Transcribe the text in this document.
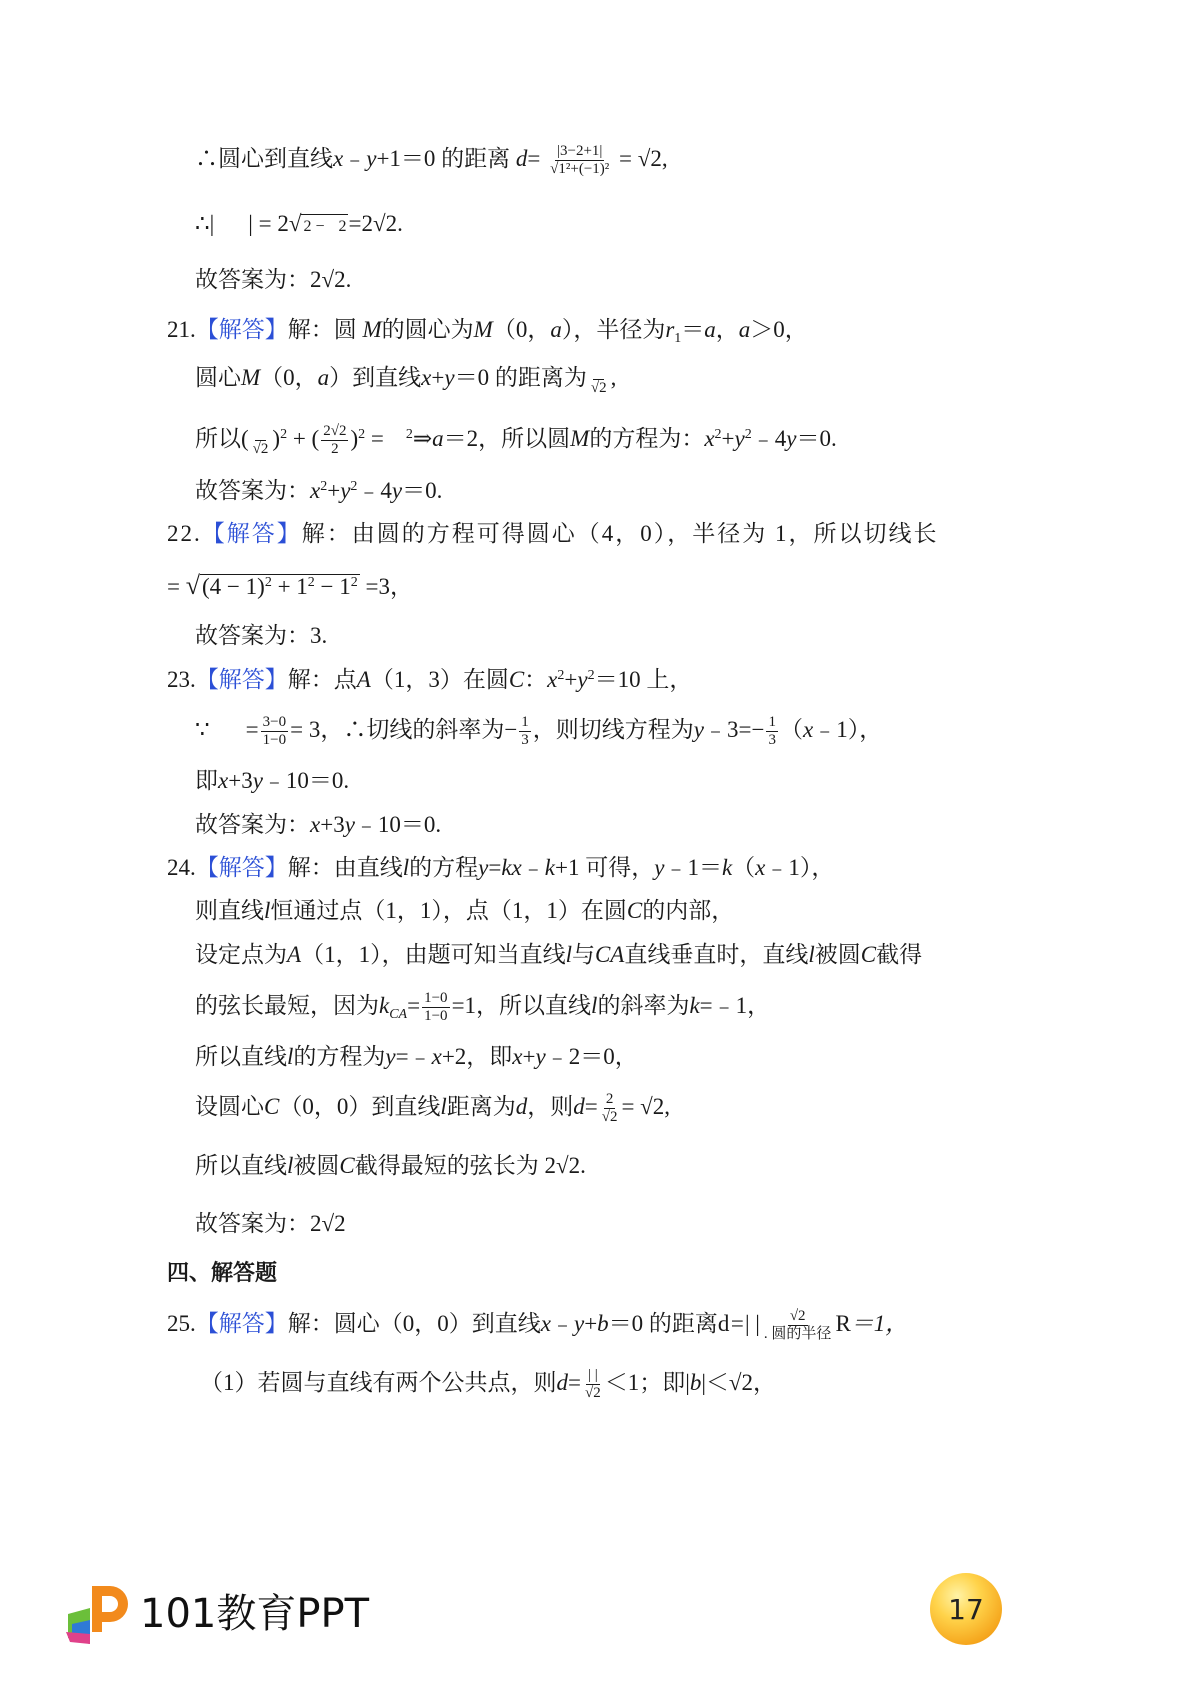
∴圆心到直线x﹣y+1＝0 的距离 $d= \frac{|3-2+1|}{\text{√1²+(−1)²}} = √2$,
∴| | = 2√ 2 − 2=2√2.
故答案为：2√2.
21.【解答】解：圆 M的圆心为M（0，a），半径为$r_1=a$，a＞0，
圆心M（0，a）到直线x+y＝0 的距离为
√2 ,
所以(
√2 )$^2$ + ( $\frac{2√2}{2} )^2$ = $^2$⇒a＝2，所以圆M的方程为：$x^2+y^2﹣4y=0$.
故答案为：$x^2+y^2﹣4y=0$.
22.【解答】解：由圆的方程可得圆心（4，0），半径为 1，所以切线长
= $√(4 - 1)^2 + 1^2 - 1^2 =3$，
故答案为：3.
23.【解答】解：点A（1，3）在圆C：$x^2+y^2=10$ 上，
∵ = $\frac{3-0}{1-0} = 3$，∴切线的斜率为− $\frac{1}{3}$ ，则切线方程为y﹣3=− $\frac{1}{3}$ （x﹣1），
即x+3y﹣10＝0.
故答案为：x+3y﹣10＝0.
24.【解答】解：由直线l的方程y=kx﹣k+1 可得，y﹣1＝k（x﹣1），
则直线l恒通过点（1，1），点（1，1）在圆C的内部，
设定点为A（1，1），由题可知当直线l与CA直线垂直时，直线l被圆C截得
的弦长最短，因为$k_{CA}= \frac{1-0}{1-0} =1$，所以直线l的斜率为k=﹣1，
所以直线l的方程为y=﹣x+2，即x+y﹣2＝0，
设圆心C（0，0）到直线l距离为d，则$d= \frac{2}{√2} = √2$,
所以直线l被圆C截得最短的弦长为 2√2.
故答案为：2√2
四、解答题
25.【解答】解：圆心（0，0）到直线x﹣y+b＝0 的距离d=| | $\frac{√2}{\text{. 圆的半径}} R=1$，
（1）若圆与直线有两个公共点，则$d= \frac{| |}{√2} <1$；即|b|＜√2，
101教育PPT	17
